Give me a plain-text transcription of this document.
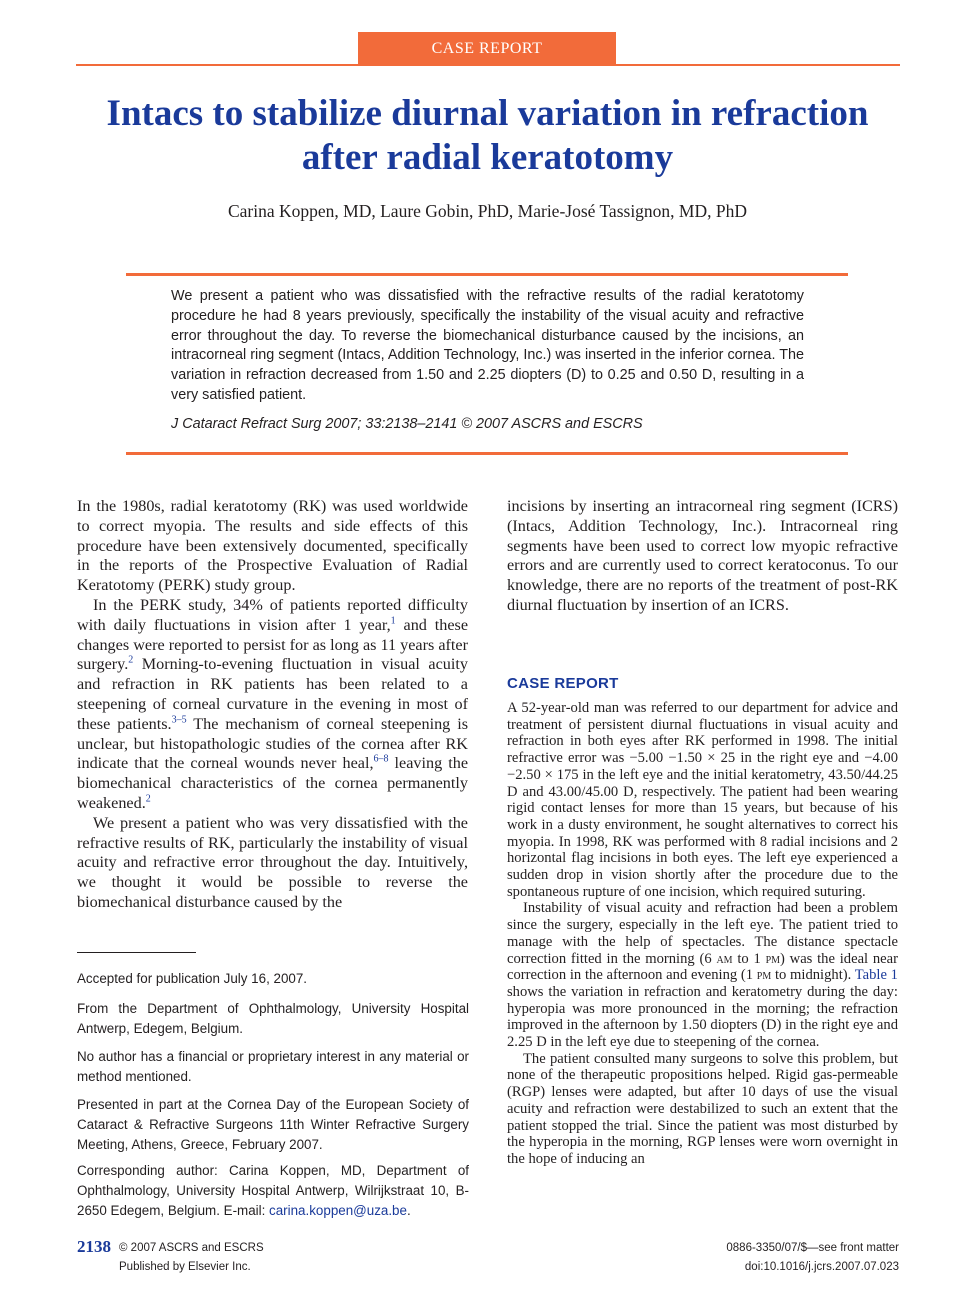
CASE REPORT
Intacs to stabilize diurnal variation in refraction
after radial keratotomy
Carina Koppen, MD, Laure Gobin, PhD, Marie-José Tassignon, MD, PhD
We present a patient who was dissatisfied with the refractive results of the radial keratotomy procedure he had 8 years previously, specifically the instability of the visual acuity and refractive error throughout the day. To reverse the biomechanical disturbance caused by the incisions, an intracorneal ring segment (Intacs, Addition Technology, Inc.) was inserted in the inferior cornea. The variation in refraction decreased from 1.50 and 2.25 diopters (D) to 0.25 and 0.50 D, resulting in a very satisfied patient.
J Cataract Refract Surg 2007; 33:2138–2141 © 2007 ASCRS and ESCRS

In the 1980s, radial keratotomy (RK) was used worldwide to correct myopia. The results and side effects of this procedure have been extensively documented, specifically in the reports of the Prospective Evaluation of Radial Keratotomy (PERK) study group.

In the PERK study, 34% of patients reported difficulty with daily fluctuations in vision after 1 year,$^1$ and these changes were reported to persist for as long as 11 years after surgery.$^2$ Morning-to-evening fluctuation in visual acuity and refraction in RK patients has been related to a steepening of corneal curvature in the evening in most of these patients.$^{3-5}$ The mechanism of corneal steepening is unclear, but histopathologic studies of the cornea after RK indicate that the corneal wounds never heal,$^{6-8}$ leaving the biomechanical characteristics of the cornea permanently weakened.$^2$

We present a patient who was very dissatisfied with the refractive results of RK, particularly the instability of visual acuity and refractive error throughout the day. Intuitively, we thought it would be possible to reverse the biomechanical disturbance caused by the

Accepted for publication July 16, 2007.
From the Department of Ophthalmology, University Hospital Antwerp, Edegem, Belgium.
No author has a financial or proprietary interest in any material or method mentioned.
Presented in part at the Cornea Day of the European Society of Cataract & Refractive Surgeons 11th Winter Refractive Surgery Meeting, Athens, Greece, February 2007.
Corresponding author: Carina Koppen, MD, Department of Ophthalmology, University Hospital Antwerp, Wilrijkstraat 10, B-2650 Edegem, Belgium. E-mail: carina.koppen@uza.be.

incisions by inserting an intracorneal ring segment (ICRS) (Intacs, Addition Technology, Inc.). Intracorneal ring segments have been used to correct low myopic refractive errors and are currently used to correct keratoconus. To our knowledge, there are no reports of the treatment of post-RK diurnal fluctuation by insertion of an ICRS.

CASE REPORT

A 52-year-old man was referred to our department for advice and treatment of persistent diurnal fluctuations in visual acuity and refraction in both eyes after RK performed in 1998. The initial refractive error was −5.00 −1.50 × 25 in the right eye and −4.00 −2.50 × 175 in the left eye and the initial keratometry, 43.50/44.25 D and 43.00/45.00 D, respectively. The patient had been wearing rigid contact lenses for more than 15 years, but because of his work in a dusty environment, he sought alternatives to correct his myopia. In 1998, RK was performed with 8 radial incisions and 2 horizontal flag incisions in both eyes. The left eye experienced a sudden drop in vision shortly after the procedure due to the spontaneous rupture of one incision, which required suturing.

Instability of visual acuity and refraction had been a problem since the surgery, especially in the left eye. The patient tried to manage with the help of spectacles. The distance spectacle correction fitted in the morning (6 am to 1 pm) was the ideal near correction in the afternoon and evening (1 pm to midnight). Table 1 shows the variation in refraction and keratometry during the day: hyperopia was more pronounced in the morning; the refraction improved in the afternoon by 1.50 diopters (D) in the right eye and 2.25 D in the left eye due to steepening of the cornea.

The patient consulted many surgeons to solve this problem, but none of the therapeutic propositions helped. Rigid gas-permeable (RGP) lenses were adapted, but after 10 days of use the visual acuity and refraction were destabilized to such an extent that the patient stopped the trial. Since the patient was most disturbed by the hyperopia in the morning, RGP lenses were worn overnight in the hope of inducing an

2138 © 2007 ASCRS and ESCRS
Published by Elsevier Inc.
0886-3350/07/$—see front matter
doi:10.1016/j.jcrs.2007.07.023
